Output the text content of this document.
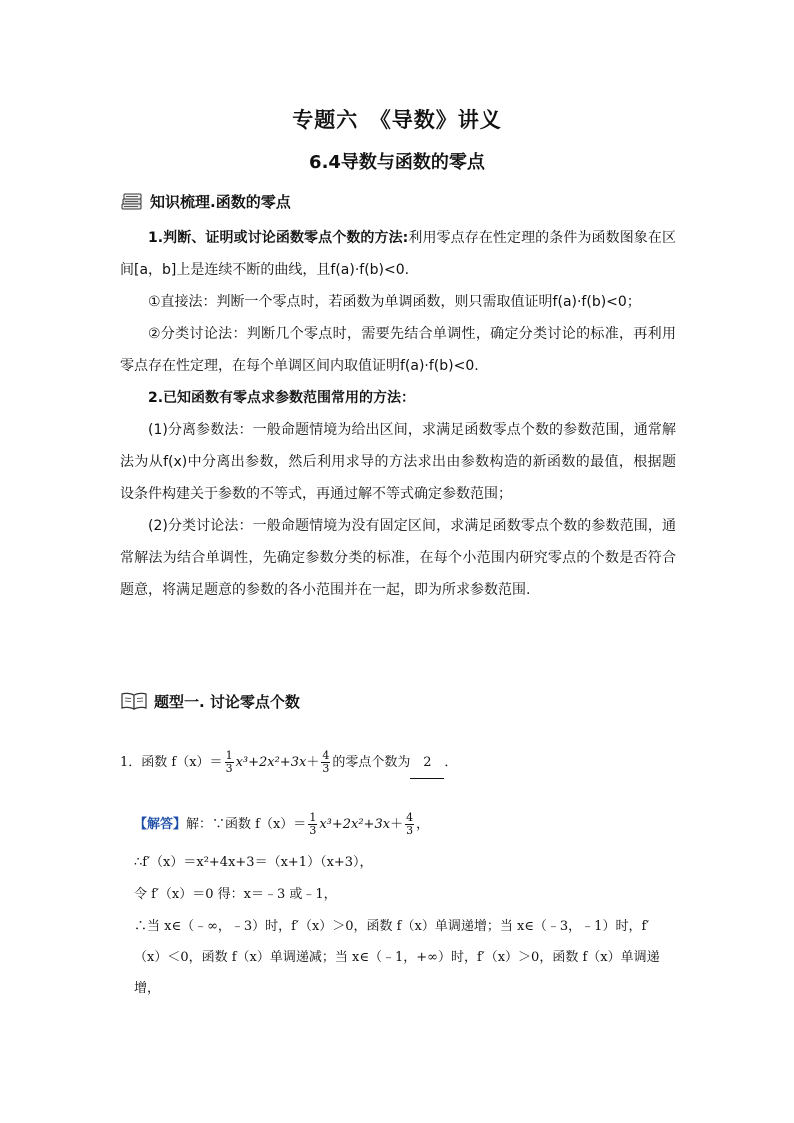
专题六　《导数》讲义
6.4导数与函数的零点
知识梳理.函数的零点
1.判断、证明或讨论函数零点个数的方法:利用零点存在性定理的条件为函数图象在区间[a，b]上是连续不断的曲线，且f(a)·f(b)<0.
①直接法：判断一个零点时，若函数为单调函数，则只需取值证明f(a)·f(b)<0；
②分类讨论法：判断几个零点时，需要先结合单调性，确定分类讨论的标准，再利用零点存在性定理，在每个单调区间内取值证明f(a)·f(b)<0.
2.已知函数有零点求参数范围常用的方法：
(1)分离参数法：一般命题情境为给出区间，求满足函数零点个数的参数范围，通常解法为从f(x)中分离出参数，然后利用求导的方法求出由参数构造的新函数的最值，根据题设条件构建关于参数的不等式，再通过解不等式确定参数范围；
(2)分类讨论法：一般命题情境为没有固定区间，求满足函数零点个数的参数范围，通常解法为结合单调性，先确定参数分类的标准，在每个小范围内研究零点的个数是否符合题意，将满足题意的参数的各小范围并在一起，即为所求参数范围.
题型一. 讨论零点个数
1．函数 $f(x)= \frac{1}{3} x^3+2x^2+3x+ \frac{4}{3}$ 的零点个数为 2 ．
【解答】解：∵函数 $f(x)= \frac{1}{3} x^3+2x^2+3x+ \frac{4}{3}$ ，
∴f′（x）＝x²+4x+3＝（x+1）（x+3），
令 f′（x）＝0 得：x＝﹣3 或﹣1，
∴当 x∈（﹣∞，﹣3）时，f′（x）＞0，函数 f（x）单调递增；当 x∈（﹣3，﹣1）时，f′
（x）＜0，函数 f（x）单调递减；当 x∈（﹣1，+∞）时，f′（x）＞0，函数 f（x）单调递
增，
